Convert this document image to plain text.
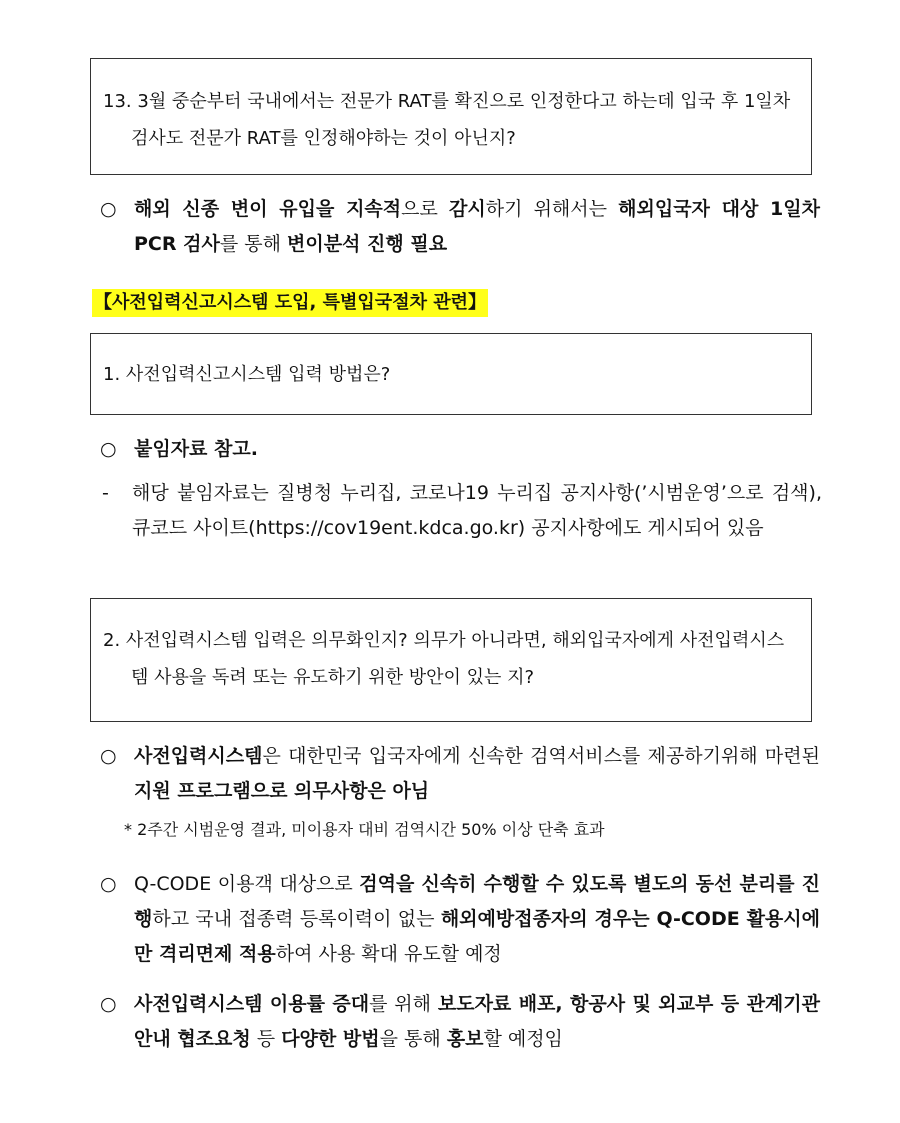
13. 3월 중순부터 국내에서는 전문가 RAT를 확진으로 인정한다고 하는데 입국 후 1일차 검사도 전문가 RAT를 인정해야하는 것이 아닌지?
○ 해외 신종 변이 유입을 지속적으로 감시하기 위해서는 해외입국자 대상 1일차 PCR 검사를 통해 변이분석 진행 필요
【사전입력신고시스템 도입, 특별입국절차 관련】
1. 사전입력신고시스템 입력 방법은?
○ 붙임자료 참고.
- 해당 붙임자료는 질병청 누리집, 코로나19 누리집 공지사항(’시범운영’으로 검색), 큐코드 사이트(https://cov19ent.kdca.go.kr) 공지사항에도 게시되어 있음
2. 사전입력시스템 입력은 의무화인지? 의무가 아니라면, 해외입국자에게 사전입력시스템 사용을 독려 또는 유도하기 위한 방안이 있는 지?
○ 사전입력시스템은 대한민국 입국자에게 신속한 검역서비스를 제공하기위해 마련된 지원 프로그램으로 의무사항은 아님
* 2주간 시범운영 결과, 미이용자 대비 검역시간 50% 이상 단축 효과
○ Q-CODE 이용객 대상으로 검역을 신속히 수행할 수 있도록 별도의 동선 분리를 진행하고 국내 접종력 등록이력이 없는 해외예방접종자의 경우는 Q-CODE 활용시에만 격리면제 적용하여 사용 확대 유도할 예정
○ 사전입력시스템 이용률 증대를 위해 보도자료 배포, 항공사 및 외교부 등 관계기관 안내 협조요청 등 다양한 방법을 통해 홍보할 예정임
